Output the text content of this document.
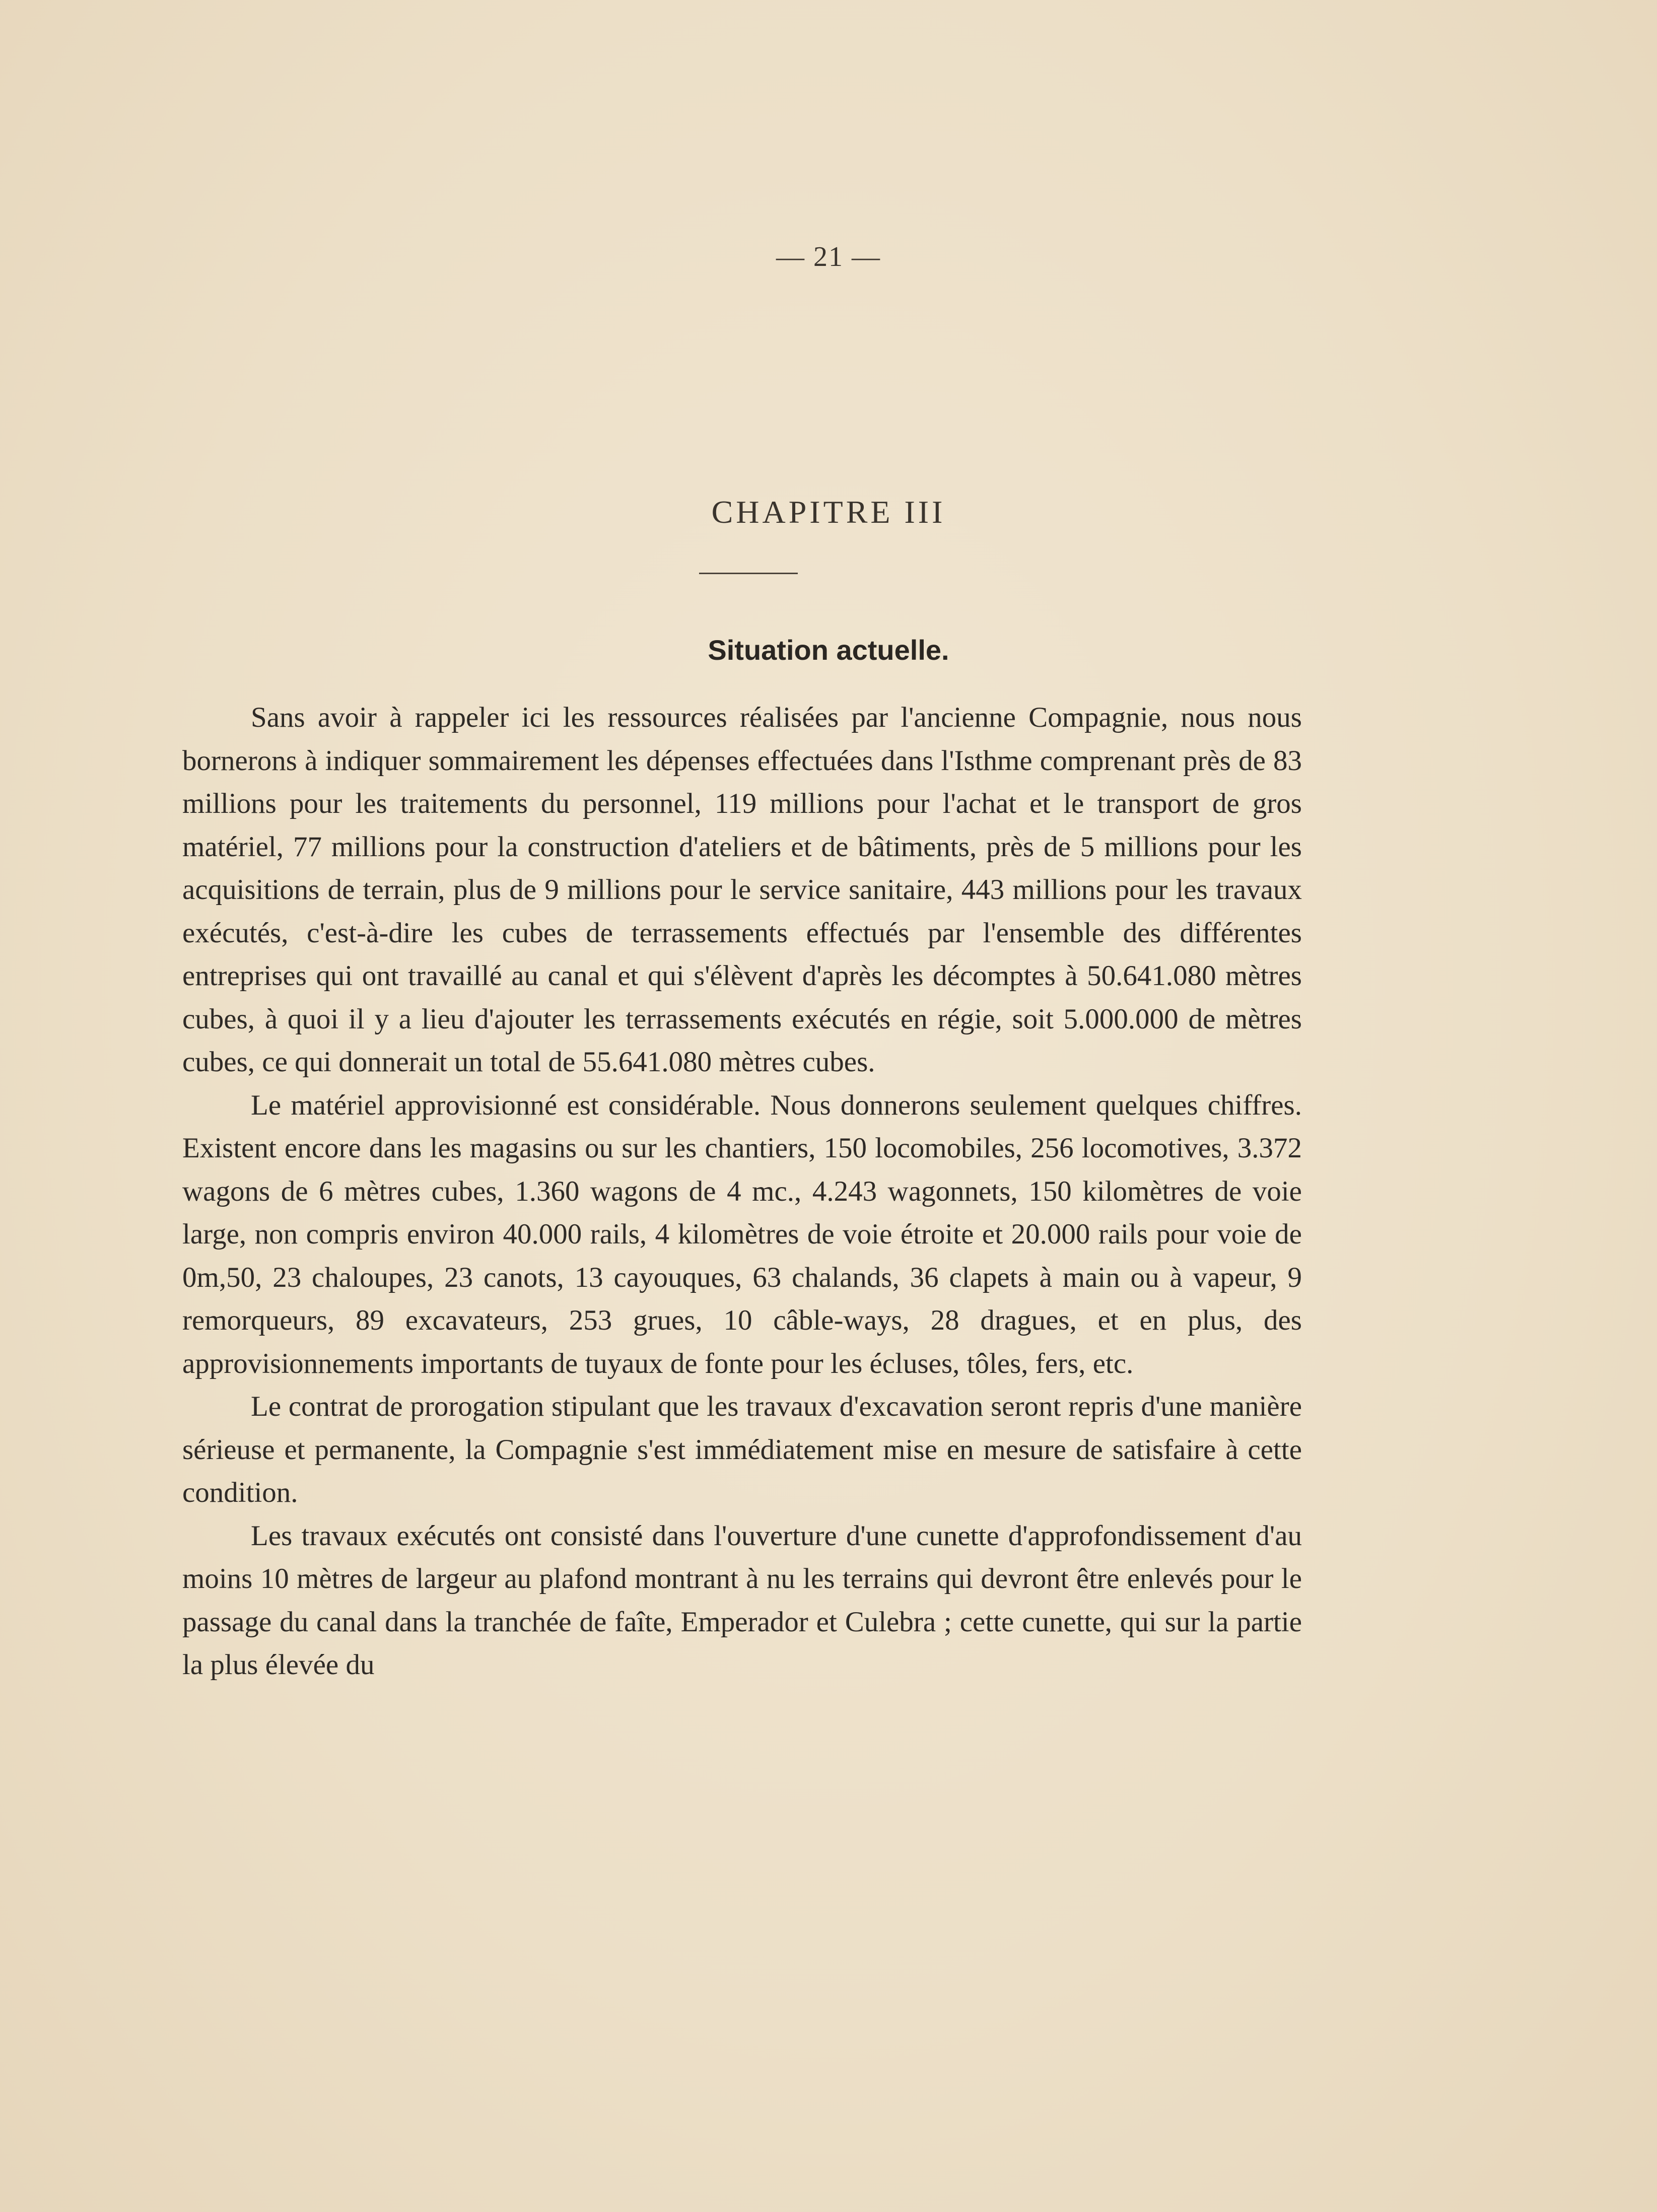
— 21 —
CHAPITRE III
Situation actuelle.

Sans avoir à rappeler ici les ressources réalisées par l'ancienne Compagnie, nous nous bornerons à indiquer sommairement les dépenses effectuées dans l'Isthme comprenant près de 83 millions pour les traitements du personnel, 119 millions pour l'achat et le transport de gros matériel, 77 millions pour la construction d'ateliers et de bâtiments, près de 5 millions pour les acquisitions de terrain, plus de 9 millions pour le service sanitaire, 443 millions pour les travaux exécutés, c'est-à-dire les cubes de terrassements effectués par l'ensemble des différentes entreprises qui ont travaillé au canal et qui s'élèvent d'après les décomptes à 50.641.080 mètres cubes, à quoi il y a lieu d'ajouter les terrassements exécutés en régie, soit 5.000.000 de mètres cubes, ce qui donnerait un total de 55.641.080 mètres cubes.

Le matériel approvisionné est considérable. Nous donnerons seulement quelques chiffres. Existent encore dans les magasins ou sur les chantiers, 150 locomobiles, 256 locomotives, 3.372 wagons de 6 mètres cubes, 1.360 wagons de 4 mc., 4.243 wagonnets, 150 kilomètres de voie large, non compris environ 40.000 rails, 4 kilomètres de voie étroite et 20.000 rails pour voie de 0m,50, 23 chaloupes, 23 canots, 13 cayouques, 63 chalands, 36 clapets à main ou à vapeur, 9 remorqueurs, 89 excavateurs, 253 grues, 10 câble-ways, 28 dragues, et en plus, des approvisionnements importants de tuyaux de fonte pour les écluses, tôles, fers, etc.

Le contrat de prorogation stipulant que les travaux d'excavation seront repris d'une manière sérieuse et permanente, la Compagnie s'est immédiatement mise en mesure de satisfaire à cette condition.

Les travaux exécutés ont consisté dans l'ouverture d'une cunette d'approfondissement d'au moins 10 mètres de largeur au plafond montrant à nu les terrains qui devront être enlevés pour le passage du canal dans la tranchée de faîte, Emperador et Culebra ; cette cunette, qui sur la partie la plus élevée du
